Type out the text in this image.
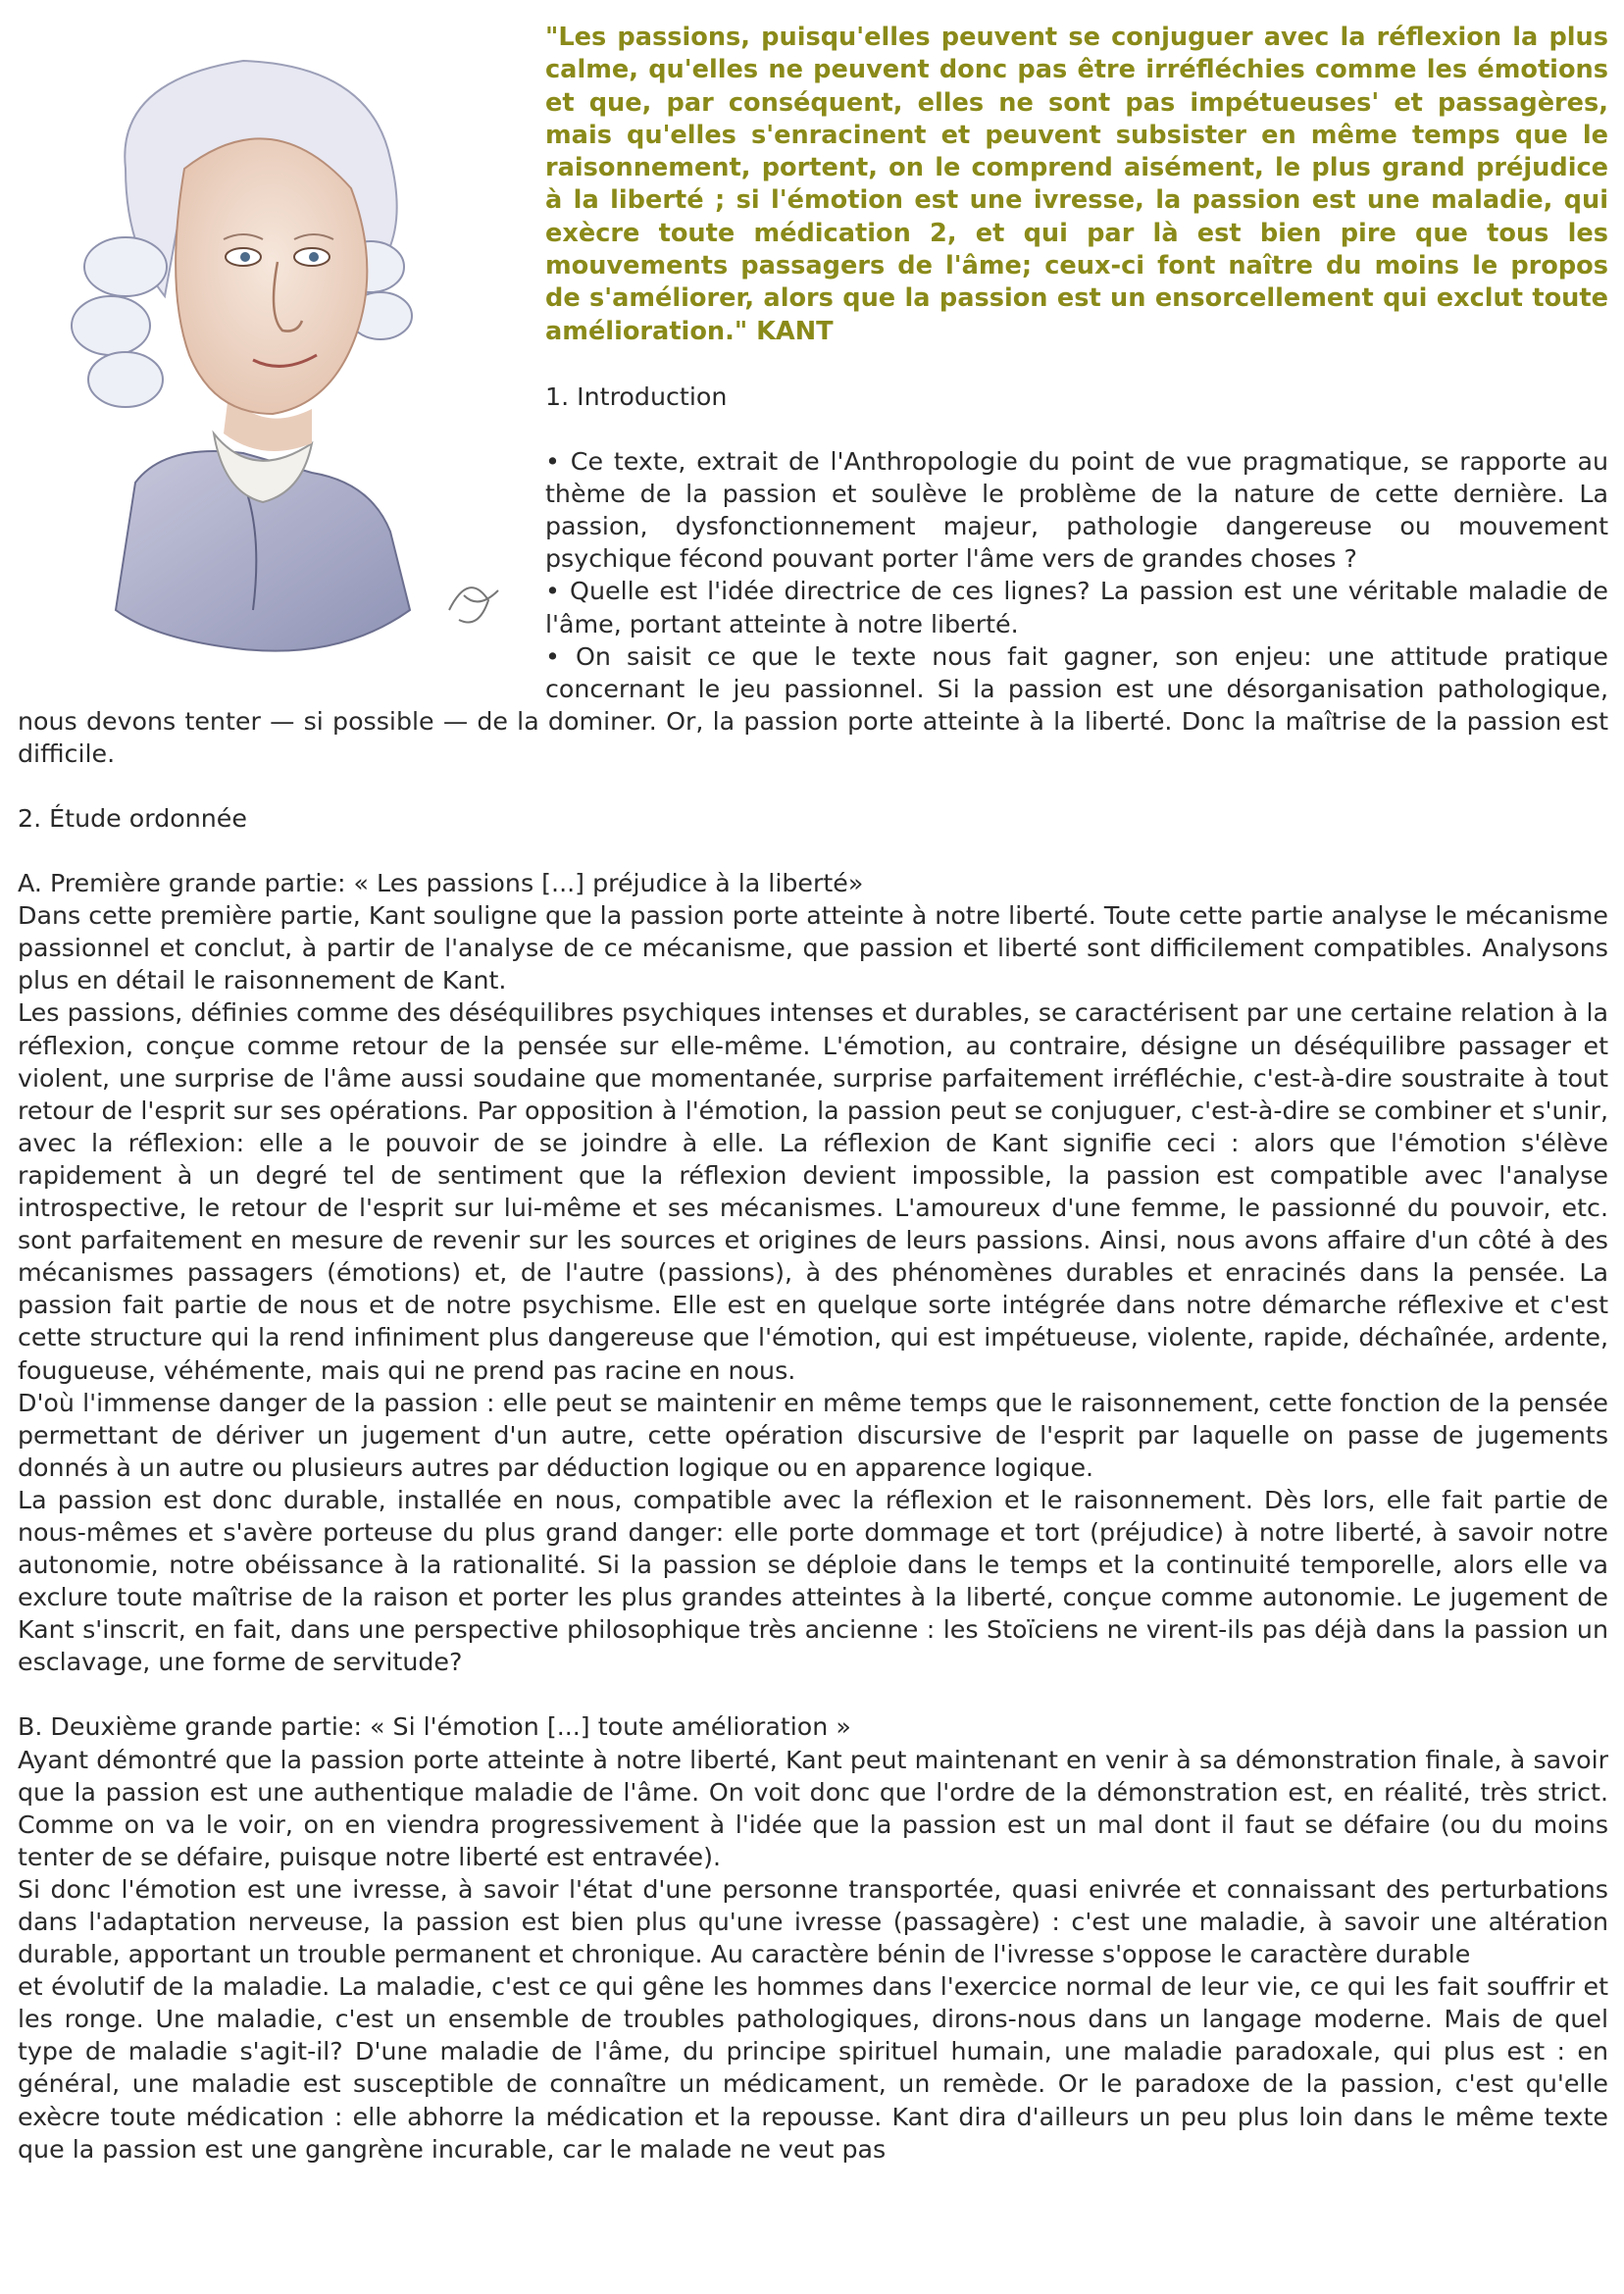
"Les passions, puisqu'elles peuvent se conjuguer avec la réflexion la plus calme, qu'elles ne peuvent donc pas être irréfléchies comme les émotions et que, par conséquent, elles ne sont pas impétueuses' et passagères, mais qu'elles s'enracinent et peuvent subsister en même temps que le raisonnement, portent, on le comprend aisément, le plus grand préjudice à la liberté ; si l'émotion est une ivresse, la passion est une maladie, qui exècre toute médication 2, et qui par là est bien pire que tous les mouvements passagers de l'âme; ceux-ci font naître du moins le propos de s'améliorer, alors que la passion est un ensorcellement qui exclut toute amélioration." KANT

1. Introduction

• Ce texte, extrait de l'Anthropologie du point de vue pragmatique, se rapporte au thème de la passion et soulève le problème de la nature de cette dernière. La passion, dysfonctionnement majeur, pathologie dangereuse ou mouvement psychique fécond pouvant porter l'âme vers de grandes choses ?

• Quelle est l'idée directrice de ces lignes? La passion est une véritable maladie de l'âme, portant atteinte à notre liberté.

• On saisit ce que le texte nous fait gagner, son enjeu: une attitude pratique concernant le jeu passionnel. Si la passion est une désorganisation pathologique, nous devons tenter — si possible — de la dominer. Or, la passion porte atteinte à la liberté. Donc la maîtrise de la passion est difficile.

2. Étude ordonnée

A. Première grande partie: « Les passions [...] préjudice à la liberté»

Dans cette première partie, Kant souligne que la passion porte atteinte à notre liberté. Toute cette partie analyse le mécanisme passionnel et conclut, à partir de l'analyse de ce mécanisme, que passion et liberté sont difficilement compatibles. Analysons plus en détail le raisonnement de Kant.

Les passions, définies comme des déséquilibres psychiques intenses et durables, se caractérisent par une certaine relation à la réflexion, conçue comme retour de la pensée sur elle-même. L'émotion, au contraire, désigne un déséquilibre passager et violent, une surprise de l'âme aussi soudaine que momentanée, surprise parfaitement irréfléchie, c'est-à-dire soustraite à tout retour de l'esprit sur ses opérations. Par opposition à l'émotion, la passion peut se conjuguer, c'est-à-dire se combiner et s'unir, avec la réflexion: elle a le pouvoir de se joindre à elle. La réflexion de Kant signifie ceci : alors que l'émotion s'élève rapidement à un degré tel de sentiment que la réflexion devient impossible, la passion est compatible avec l'analyse introspective, le retour de l'esprit sur lui-même et ses mécanismes. L'amoureux d'une femme, le passionné du pouvoir, etc. sont parfaitement en mesure de revenir sur les sources et origines de leurs passions. Ainsi, nous avons affaire d'un côté à des mécanismes passagers (émotions) et, de l'autre (passions), à des phénomènes durables et enracinés dans la pensée. La passion fait partie de nous et de notre psychisme. Elle est en quelque sorte intégrée dans notre démarche réflexive et c'est cette structure qui la rend infiniment plus dangereuse que l'émotion, qui est impétueuse, violente, rapide, déchaînée, ardente, fougueuse, véhémente, mais qui ne prend pas racine en nous.

D'où l'immense danger de la passion : elle peut se maintenir en même temps que le raisonnement, cette fonction de la pensée permettant de dériver un jugement d'un autre, cette opération discursive de l'esprit par laquelle on passe de jugements donnés à un autre ou plusieurs autres par déduction logique ou en apparence logique.

La passion est donc durable, installée en nous, compatible avec la réflexion et le raisonnement. Dès lors, elle fait partie de nous-mêmes et s'avère porteuse du plus grand danger: elle porte dommage et tort (préjudice) à notre liberté, à savoir notre autonomie, notre obéissance à la rationalité. Si la passion se déploie dans le temps et la continuité temporelle, alors elle va exclure toute maîtrise de la raison et porter les plus grandes atteintes à la liberté, conçue comme autonomie. Le jugement de Kant s'inscrit, en fait, dans une perspective philosophique très ancienne : les Stoïciens ne virent-ils pas déjà dans la passion un esclavage, une forme de servitude?

B. Deuxième grande partie: « Si l'émotion [...] toute amélioration »

Ayant démontré que la passion porte atteinte à notre liberté, Kant peut maintenant en venir à sa démonstration finale, à savoir que la passion est une authentique maladie de l'âme. On voit donc que l'ordre de la démonstration est, en réalité, très strict. Comme on va le voir, on en viendra progressivement à l'idée que la passion est un mal dont il faut se défaire (ou du moins tenter de se défaire, puisque notre liberté est entravée).

Si donc l'émotion est une ivresse, à savoir l'état d'une personne transportée, quasi enivrée et connaissant des perturbations dans l'adaptation nerveuse, la passion est bien plus qu'une ivresse (passagère) : c'est une maladie, à savoir une altération durable, apportant un trouble permanent et chronique. Au caractère bénin de l'ivresse s'oppose le caractère durable

et évolutif de la maladie. La maladie, c'est ce qui gêne les hommes dans l'exercice normal de leur vie, ce qui les fait souffrir et les ronge. Une maladie, c'est un ensemble de troubles pathologiques, dirons-nous dans un langage moderne. Mais de quel type de maladie s'agit-il? D'une maladie de l'âme, du principe spirituel humain, une maladie paradoxale, qui plus est : en général, une maladie est susceptible de connaître un médicament, un remède. Or le paradoxe de la passion, c'est qu'elle exècre toute médication : elle abhorre la médication et la repousse. Kant dira d'ailleurs un peu plus loin dans le même texte que la passion est une gangrène incurable, car le malade ne veut pas
